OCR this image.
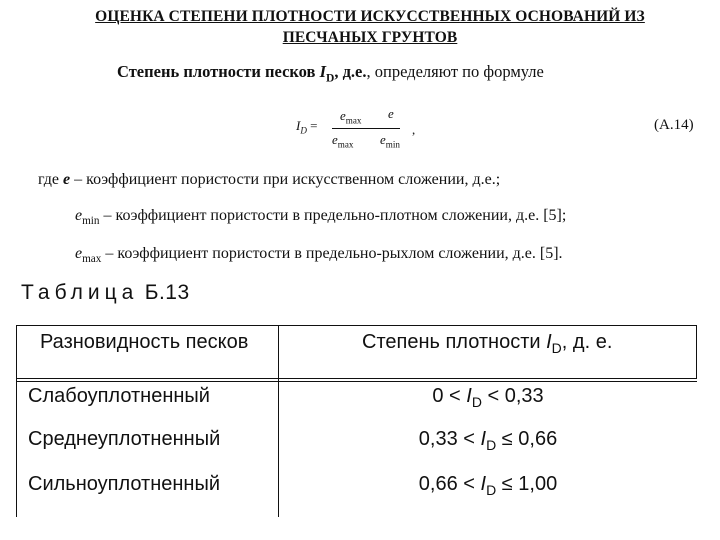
ОЦЕНКА СТЕПЕНИ ПЛОТНОСТИ ИСКУССТВЕННЫХ ОСНОВАНИЙ ИЗ
ПЕСЧАНЫХ ГРУНТОВ
Степень плотности песков $I_D$, д.е., определяют по формуле
$I_D$ =
$e_{max}$ e
$e_{max}$ $e_{min}$
,	(А.14)
где e – коэффициент пористости при искусственном сложении, д.е.;
$e_{min}$ – коэффициент пористости в предельно-плотном сложении, д.е. [5];
$e_{max}$ – коэффициент пористости в предельно-рыхлом сложении, д.е. [5].
Таблица Б.13
Разновидность песков	Степень плотности $I_D$, д. е.
Слабоуплотненный	$0 < I_D < 0,33$
Среднеуплотненный	$0,33 < I_D \le 0,66$
Сильноуплотненный	$0,66 < I_D \le 1,00$
